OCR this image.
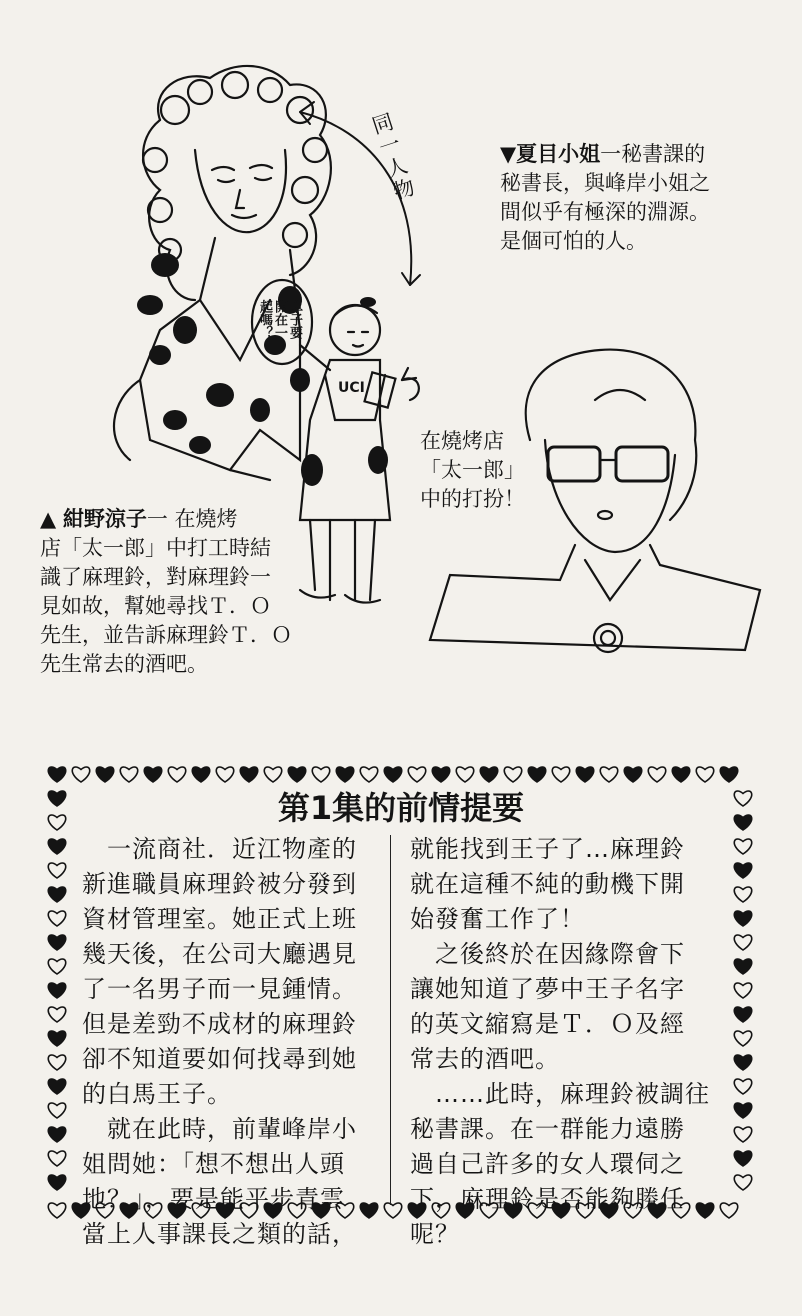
同一人物
起嗎？ 開在一 單子要
UCI
▼夏目小姐一秘書課的
秘書長，與峰岸小姐之
間似乎有極深的淵源。
是個可怕的人。
▲ 紺野涼子一 在燒烤
店「太一郎」中打工時結
識了麻理鈴，對麻理鈴一
見如故，幫她尋找Ｔ．Ｏ
先生，並告訴麻理鈴Ｔ．Ｏ
先生常去的酒吧。
在燒烤店
「太一郎」
中的打扮！
第1集的前情提要
　一流商社．近江物產的
新進職員麻理鈴被分發到
資材管理室。她正式上班
幾天後，在公司大廳遇見
了一名男子而一見鍾情。
但是差勁不成材的麻理鈴
卻不知道要如何找尋到她
的白馬王子。
　就在此時，前輩峰岸小
姐問她：「想不想出人頭
地？」，要是能平步青雲
當上人事課長之類的話，
就能找到王子了…麻理鈴
就在這種不純的動機下開
始發奮工作了！
　之後終於在因緣際會下
讓她知道了夢中王子名字
的英文縮寫是Ｔ．Ｏ及經
常去的酒吧。
　……此時，麻理鈴被調往
秘書課。在一群能力遠勝
過自己許多的女人環伺之
下，麻理鈴是否能夠勝任
呢？
